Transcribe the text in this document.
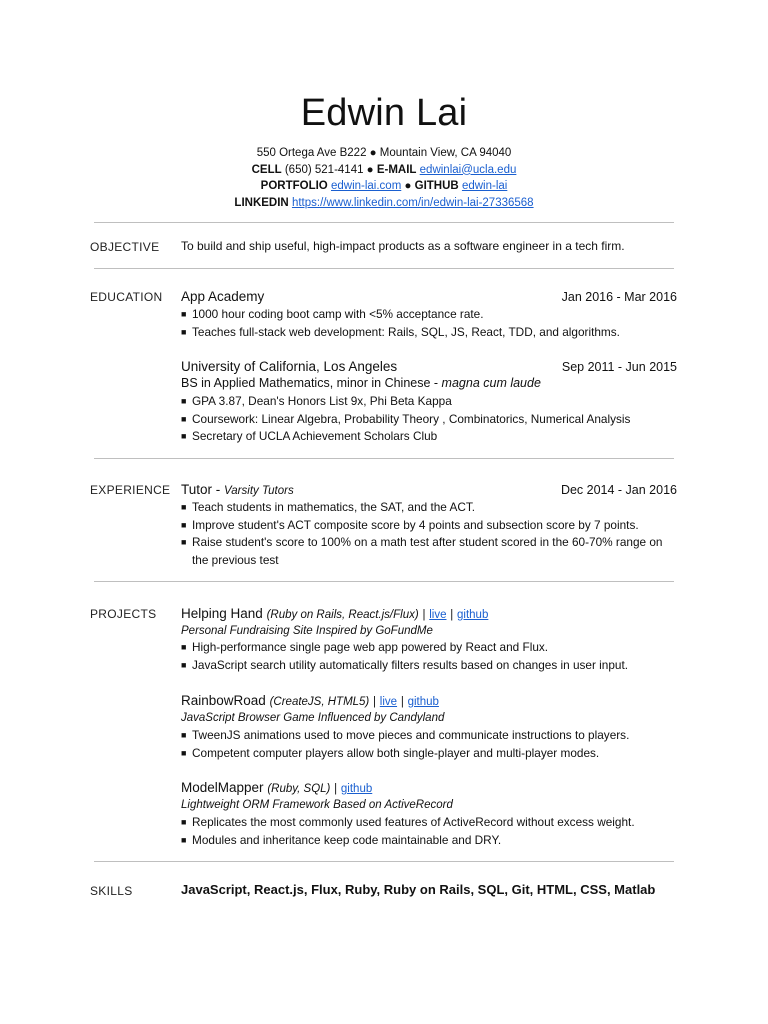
Edwin Lai
550 Ortega Ave B222 ● Mountain View, CA 94040
CELL (650) 521-4141 ● E-MAIL edwinlai@ucla.edu
PORTFOLIO edwin-lai.com ● GITHUB edwin-lai
LINKEDIN https://www.linkedin.com/in/edwin-lai-27336568
OBJECTIVE To build and ship useful, high-impact products as a software engineer in a tech firm.
EDUCATION App Academy	Jan 2016 - Mar 2016
■ 1000 hour coding boot camp with <5% acceptance rate.
■ Teaches full-stack web development: Rails, SQL, JS, React, TDD, and algorithms.
University of California, Los Angeles	Sep 2011 - Jun 2015
BS in Applied Mathematics, minor in Chinese - magna cum laude
■ GPA 3.87, Dean's Honors List 9x, Phi Beta Kappa
■ Coursework: Linear Algebra, Probability Theory , Combinatorics, Numerical Analysis
■ Secretary of UCLA Achievement Scholars Club
EXPERIENCE Tutor - Varsity Tutors	Dec 2014 - Jan 2016
■ Teach students in mathematics, the SAT, and the ACT.
■ Improve student's ACT composite score by 4 points and subsection score by 7 points.
■ Raise student's score to 100% on a math test after student scored in the 60-70% range on the previous test
PROJECTS Helping Hand (Ruby on Rails, React.js/Flux) | live | github
Personal Fundraising Site Inspired by GoFundMe
■ High-performance single page web app powered by React and Flux.
■ JavaScript search utility automatically filters results based on changes in user input.
RainbowRoad (CreateJS, HTML5) | live | github
JavaScript Browser Game Influenced by Candyland
■ TweenJS animations used to move pieces and communicate instructions to players.
■ Competent computer players allow both single-player and multi-player modes.
ModelMapper (Ruby, SQL) | github
Lightweight ORM Framework Based on ActiveRecord
■ Replicates the most commonly used features of ActiveRecord without excess weight.
■ Modules and inheritance keep code maintainable and DRY.
SKILLS	JavaScript, React.js, Flux, Ruby, Ruby on Rails, SQL, Git, HTML, CSS, Matlab
